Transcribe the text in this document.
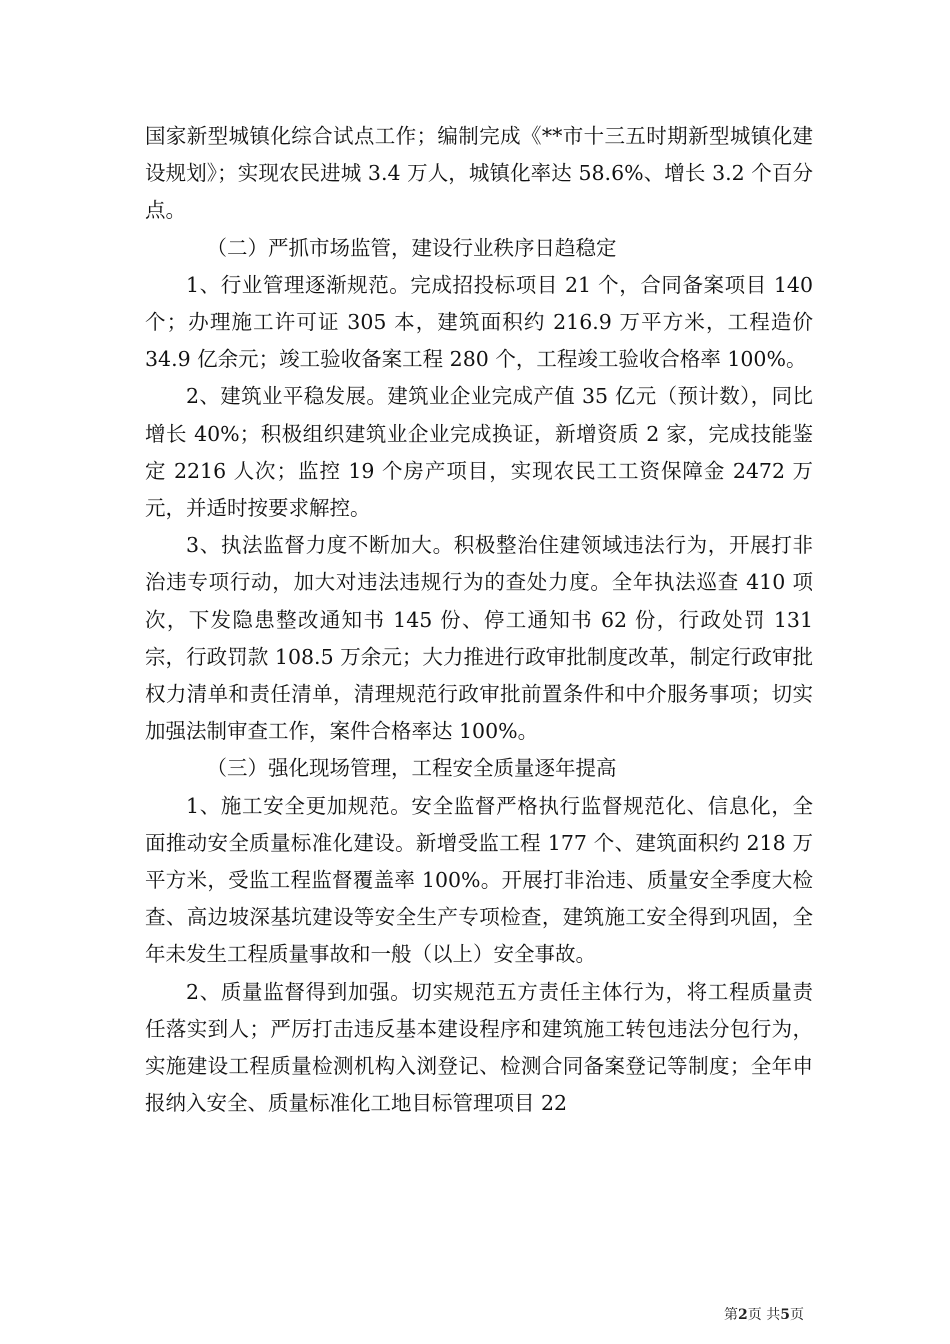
国家新型城镇化综合试点工作；编制完成《**市十三五时期新型城镇化建设规划》；实现农民进城 3.4 万人，城镇化率达 58.6%、增长 3.2 个百分点。

（二）严抓市场监管，建设行业秩序日趋稳定

1、行业管理逐渐规范。完成招投标项目 21 个，合同备案项目 140 个；办理施工许可证 305 本，建筑面积约 216.9 万平方米，工程造价 34.9 亿余元；竣工验收备案工程 280 个，工程竣工验收合格率 100%。

2、建筑业平稳发展。建筑业企业完成产值 35 亿元（预计数），同比增长 40%；积极组织建筑业企业完成换证，新增资质 2 家，完成技能鉴定 2216 人次；监控 19 个房产项目，实现农民工工资保障金 2472 万元，并适时按要求解控。

3、执法监督力度不断加大。积极整治住建领域违法行为，开展打非治违专项行动，加大对违法违规行为的查处力度。全年执法巡查 410 项次，下发隐患整改通知书 145 份、停工通知书 62 份，行政处罚 131 宗，行政罚款 108.5 万余元；大力推进行政审批制度改革，制定行政审批权力清单和责任清单，清理规范行政审批前置条件和中介服务事项；切实加强法制审查工作，案件合格率达 100%。

（三）强化现场管理，工程安全质量逐年提高

1、施工安全更加规范。安全监督严格执行监督规范化、信息化，全面推动安全质量标准化建设。新增受监工程 177 个、建筑面积约 218 万平方米，受监工程监督覆盖率 100%。开展打非治违、质量安全季度大检查、高边坡深基坑建设等安全生产专项检查，建筑施工安全得到巩固，全年未发生工程质量事故和一般（以上）安全事故。

2、质量监督得到加强。切实规范五方责任主体行为，将工程质量责任落实到人；严厉打击违反基本建设程序和建筑施工转包违法分包行为，实施建设工程质量检测机构入浏登记、检测合同备案登记等制度；全年申报纳入安全、质量标准化工地目标管理项目 22

第2页 共5页
